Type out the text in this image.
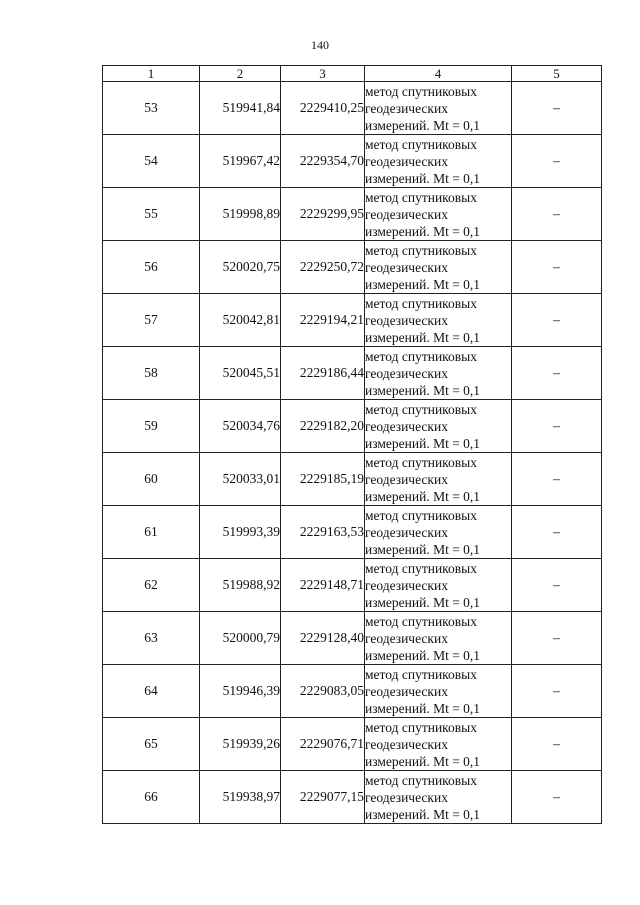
140
1	2	3	4	5
53	519941,84	2229410,25	метод спутниковых
геодезических
измерений. Mt = 0,1	–
54	519967,42	2229354,70	метод спутниковых
геодезических
измерений. Mt = 0,1	–
55	519998,89	2229299,95	метод спутниковых
геодезических
измерений. Mt = 0,1	–
56	520020,75	2229250,72	метод спутниковых
геодезических
измерений. Mt = 0,1	–
57	520042,81	2229194,21	метод спутниковых
геодезических
измерений. Mt = 0,1	–
58	520045,51	2229186,44	метод спутниковых
геодезических
измерений. Mt = 0,1	–
59	520034,76	2229182,20	метод спутниковых
геодезических
измерений. Mt = 0,1	–
60	520033,01	2229185,19	метод спутниковых
геодезических
измерений. Mt = 0,1	–
61	519993,39	2229163,53	метод спутниковых
геодезических
измерений. Mt = 0,1	–
62	519988,92	2229148,71	метод спутниковых
геодезических
измерений. Mt = 0,1	–
63	520000,79	2229128,40	метод спутниковых
геодезических
измерений. Mt = 0,1	–
64	519946,39	2229083,05	метод спутниковых
геодезических
измерений. Mt = 0,1	–
65	519939,26	2229076,71	метод спутниковых
геодезических
измерений. Mt = 0,1	–
66	519938,97	2229077,15	метод спутниковых
геодезических
измерений. Mt = 0,1	–
